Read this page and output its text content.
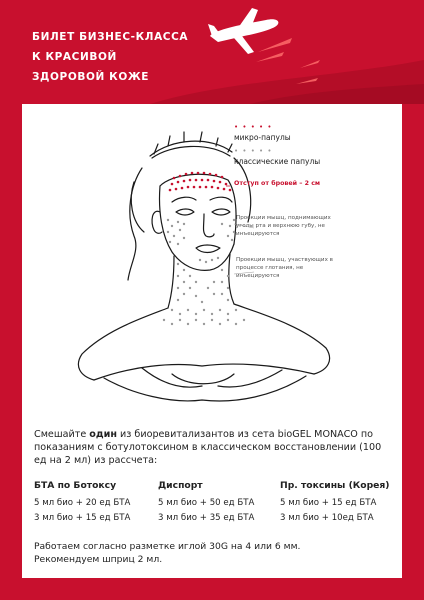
БИЛЕТ БИЗНЕС-КЛАССА
К КРАСИВОЙ
ЗДОРОВОЙ КОЖЕ
• • • • •
микро-папулы
• • • • •
классические папулы
Отступ от бровей – 2 см
Проекции мышц, поднимающих уголы рта и верхнюю губу, не инъецируются
Проекции мышц, участвующих в процессе глотания, не инъецируются
Смешайте один из биоревитализантов из сета bioGEL MONACO по показаниям с ботулотоксином в классическом восстановлении (100 ед на 2 мл) из рассчета:
БТА по Ботоксу
5 мл био + 20 ед БТА
3 мл био + 15 ед БТА
Диспорт
5 мл био + 50 ед БТА
3 мл био + 35 ед БТА
Пр. токсины (Корея)
5 мл био + 15 ед БТА
3 мл био + 10ед БТА
Работаем согласно разметке иглой 30G на 4 или 6 мм.
Рекомендуем шприц 2 мл.
